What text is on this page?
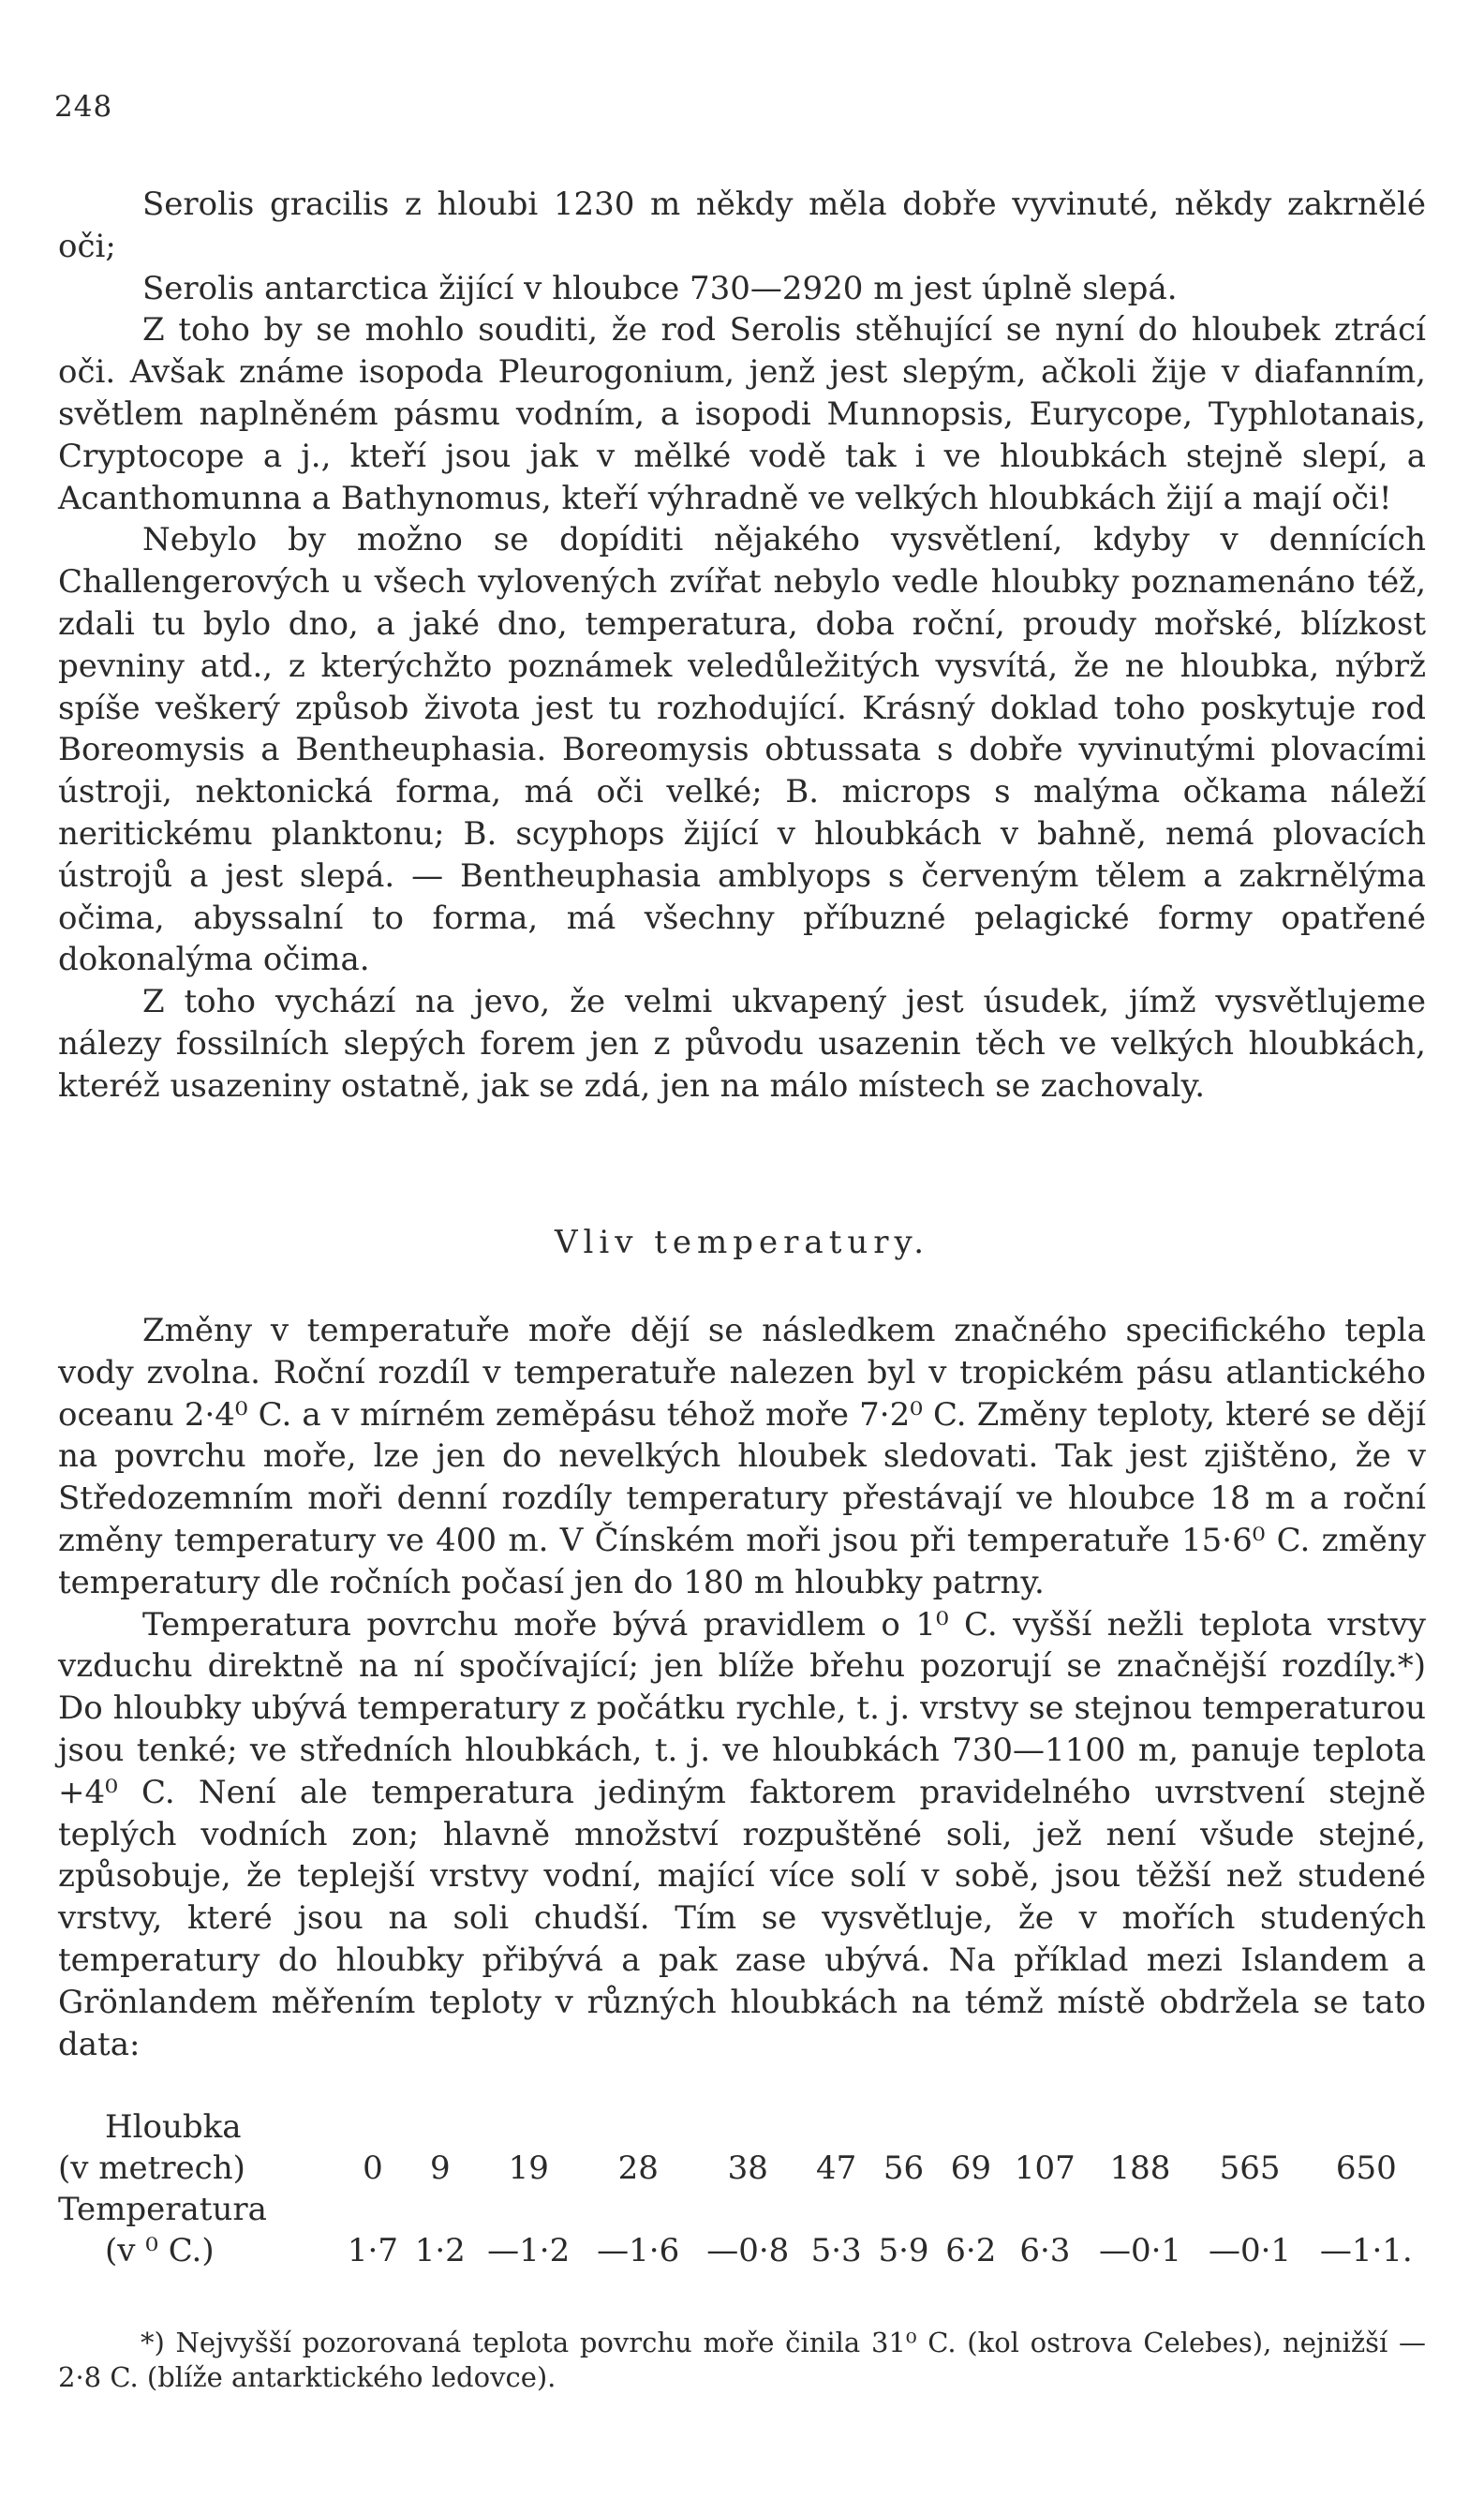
248

Serolis gracilis z hloubi 1230 m někdy měla dobře vyvinuté, někdy zakrnělé oči;

Serolis antarctica žijící v hloubce 730—2920 m jest úplně slepá.

Z toho by se mohlo souditi, že rod Serolis stěhující se nyní do hloubek ztrácí oči. Avšak známe isopoda Pleurogonium, jenž jest slepým, ačkoli žije v diafanním, světlem naplněném pásmu vodním, a isopodi Munnopsis, Eurycope, Typhlotanais, Cryptocope a j., kteří jsou jak v mělké vodě tak i ve hloubkách stejně slepí, a Acanthomunna a Bathynomus, kteří výhradně ve velkých hloubkách žijí a mají oči!

Nebylo by možno se dopíditi nějakého vysvětlení, kdyby v dennících Challengerových u všech vylovených zvířat nebylo vedle hloubky poznamenáno též, zdali tu bylo dno, a jaké dno, temperatura, doba roční, proudy mořské, blízkost pevniny atd., z kterýchžto poznámek veledůležitých vysvítá, že ne hloubka, nýbrž spíše veškerý způsob života jest tu rozhodující. Krásný doklad toho poskytuje rod Boreomysis a Bentheuphasia. Boreomysis obtussata s dobře vyvinutými plovacími ústroji, nektonická forma, má oči velké; B. microps s malýma očkama náleží neritickému planktonu; B. scyphops žijící v hloubkách v bahně, nemá plovacích ústrojů a jest slepá. — Bentheuphasia amblyops s červeným tělem a zakrnělýma očima, abyssalní to forma, má všechny příbuzné pelagické formy opatřené dokonalýma očima.

Z toho vychází na jevo, že velmi ukvapený jest úsudek, jímž vysvětlujeme nálezy fossilních slepých forem jen z původu usazenin těch ve velkých hloubkách, kteréž usazeniny ostatně, jak se zdá, jen na málo místech se zachovaly.

Vliv temperatury.

Změny v temperatuře moře dějí se následkem značného specifického tepla vody zvolna. Roční rozdíl v temperatuře nalezen byl v tropickém pásu atlantického oceanu 2·4⁰ C. a v mírném zeměpásu téhož moře 7·2⁰ C. Změny teploty, které se dějí na povrchu moře, lze jen do nevelkých hloubek sledovati. Tak jest zjištěno, že v Středozemním moři denní rozdíly temperatury přestávají ve hloubce 18 m a roční změny temperatury ve 400 m. V Čínském moři jsou při temperatuře 15·6⁰ C. změny temperatury dle ročních počasí jen do 180 m hloubky patrny.

Temperatura povrchu moře bývá pravidlem o 1⁰ C. vyšší nežli teplota vrstvy vzduchu direktně na ní spočívající; jen blíže břehu pozorují se značnější rozdíly.*) Do hloubky ubývá temperatury z počátku rychle, t. j. vrstvy se stejnou temperaturou jsou tenké; ve středních hloubkách, t. j. ve hloubkách 730—1100 m, panuje teplota +4⁰ C. Není ale temperatura jediným faktorem pravidelného uvrstvení stejně teplých vodních zon; hlavně množství rozpuštěné soli, jež není všude stejné, způsobuje, že teplejší vrstvy vodní, mající více solí v sobě, jsou těžší než studené vrstvy, které jsou na soli chudší. Tím se vysvětluje, že v mořích studených temperatury do hloubky přibývá a pak zase ubývá. Na příklad mezi Islandem a Grönlandem měřením teploty v různých hloubkách na témž místě obdržela se tato data:

Hloubka												
(v metrech)	0	9	19	28	38	47	56	69	107	188	565	650
Temperatura												
(v ⁰ C.)	1·7	1·2	—1·2	—1·6	—0·8	5·3	5·9	6·2	6·3	—0·1	—0·1	—1·1.

*) Nejvyšší pozorovaná teplota povrchu moře činila 31⁰ C. (kol ostrova Celebes), nejnižší —2·8 C. (blíže antarktického ledovce).
